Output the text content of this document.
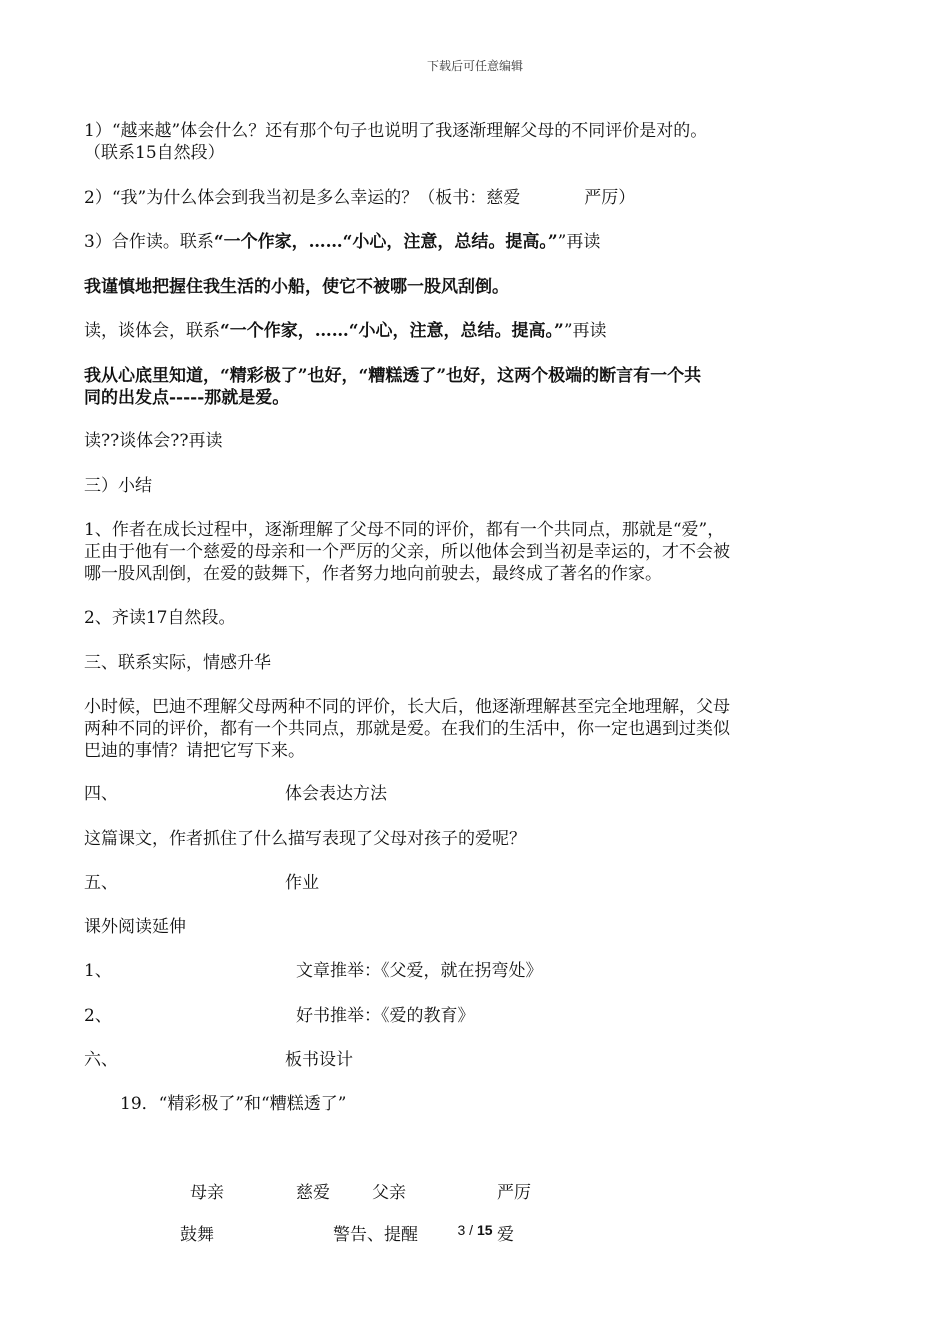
下载后可任意编辑
1）“越来越”体会什么？还有那个句子也说明了我逐渐理解父母的不同评价是对的。
（联系15自然段）
2）“我”为什么体会到我当初是多么幸运的？（板书：慈爱	严厉）
3）合作读。联系“一个作家，……“小心，注意，总结。提高。””再读
我谨慎地把握住我生活的小船，使它不被哪一股风刮倒。
读，谈体会，联系“一个作家，……“小心，注意，总结。提高。””再读
我从心底里知道，“精彩极了”也好，“糟糕透了”也好，这两个极端的断言有一个共
同的出发点-----那就是爱。
读??谈体会??再读
三）小结
1、作者在成长过程中，逐渐理解了父母不同的评价，都有一个共同点，那就是“爱”，
正由于他有一个慈爱的母亲和一个严厉的父亲，所以他体会到当初是幸运的，才不会被
哪一股风刮倒，在爱的鼓舞下，作者努力地向前驶去，最终成了著名的作家。
2、齐读17自然段。
三、联系实际，情感升华
小时候，巴迪不理解父母两种不同的评价，长大后，他逐渐理解甚至完全地理解，父母
两种不同的评价，都有一个共同点，那就是爱。在我们的生活中，你一定也遇到过类似
巴迪的事情？请把它写下来。
四、	体会表达方法
这篇课文，作者抓住了什么描写表现了父母对孩子的爱呢？
五、	作业
课外阅读延伸
1、	文章推举：《父爱，就在拐弯处》
2、	好书推举：《爱的教育》
六、	板书设计
19．“精彩极了”和“糟糕透了”
母亲	慈爱 父亲	严厉
鼓舞	警告、提醒	爱
3 / 15
